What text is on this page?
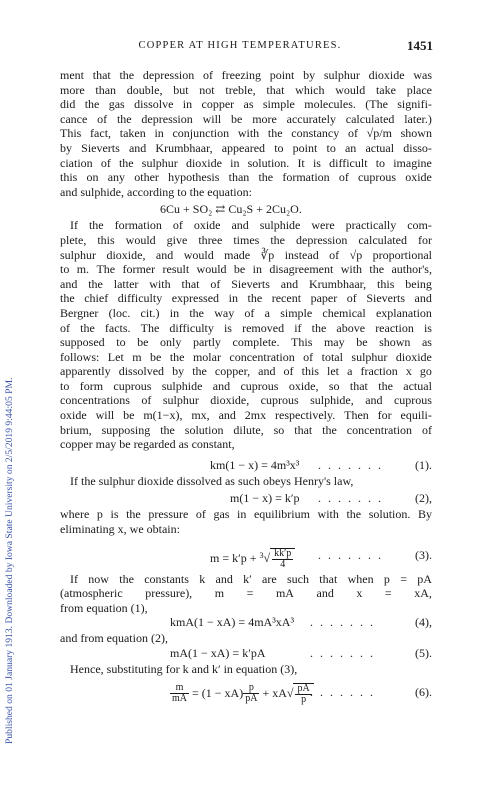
Published on 01 January 1913. Downloaded by Iowa State University on 2/5/2019 9:44:05 PM.
COPPER AT HIGH TEMPERATURES.	1451
ment that the depression of freezing point by sulphur dioxide was
more than double, but not treble, that which would take place
did the gas dissolve in copper as simple molecules. (The signifi-
cance of the depression will be more accurately calculated later.)
This fact, taken in conjunction with the constancy of √p/m shown
by Sieverts and Krumbhaar, appeared to point to an actual disso-
ciation of the sulphur dioxide in solution. It is difficult to imagine
this on any other hypothesis than the formation of cuprous oxide
and sulphide, according to the equation:
6Cu + SO₂ ⇄ Cu₂S + 2Cu₂O.
If the formation of oxide and sulphide were practically com-
plete, this would give three times the depression calculated for
sulphur dioxide, and would made ∛p instead of √p proportional
to m. The former result would be in disagreement with the author's,
and the latter with that of Sieverts and Krumbhaar, this being
the chief difficulty expressed in the recent paper of Sieverts and
Bergner (loc. cit.) in the way of a simple chemical explanation
of the facts. The difficulty is removed if the above reaction is
supposed to be only partly complete. This may be shown as
follows: Let m be the molar concentration of total sulphur dioxide
apparently dissolved by the copper, and of this let a fraction x go
to form cuprous sulphide and cuprous oxide, so that the actual
concentrations of sulphur dioxide, cuprous sulphide, and cuprous
oxide will be m(1−x), mx, and 2mx respectively. Then for equili-
brium, supposing the solution dilute, so that the concentration of
copper may be regarded as constant,
km(1 − x) = 4m³x³ . . . . . . .	(1).
If the sulphur dioxide dissolved as such obeys Henry's law,
m(1 − x) = k′p . . . . . . .	(2),
where p is the pressure of gas in equilibrium with the solution. By
eliminating x, we obtain:
$m = k'p + ^3√ \frac{kk'p}{4}$ . . . . . . .	(3).
If now the constants k and k′ are such that when p = pA
(atmospheric pressure), m = mA and x = xA,
from equation (1),
kmA(1 − xA) = 4mA³xA³ . . . . . . .	(4),
and from equation (2),
mA(1 − xA) = k′pA	. . . . . . .	(5).
Hence, substituting for k and k′ in equation (3),
$\frac{m}{mA} = (1 - xA) \frac{p}{pA} + xA√ \frac{pA}{p}$
. . . . . . .	(6).
